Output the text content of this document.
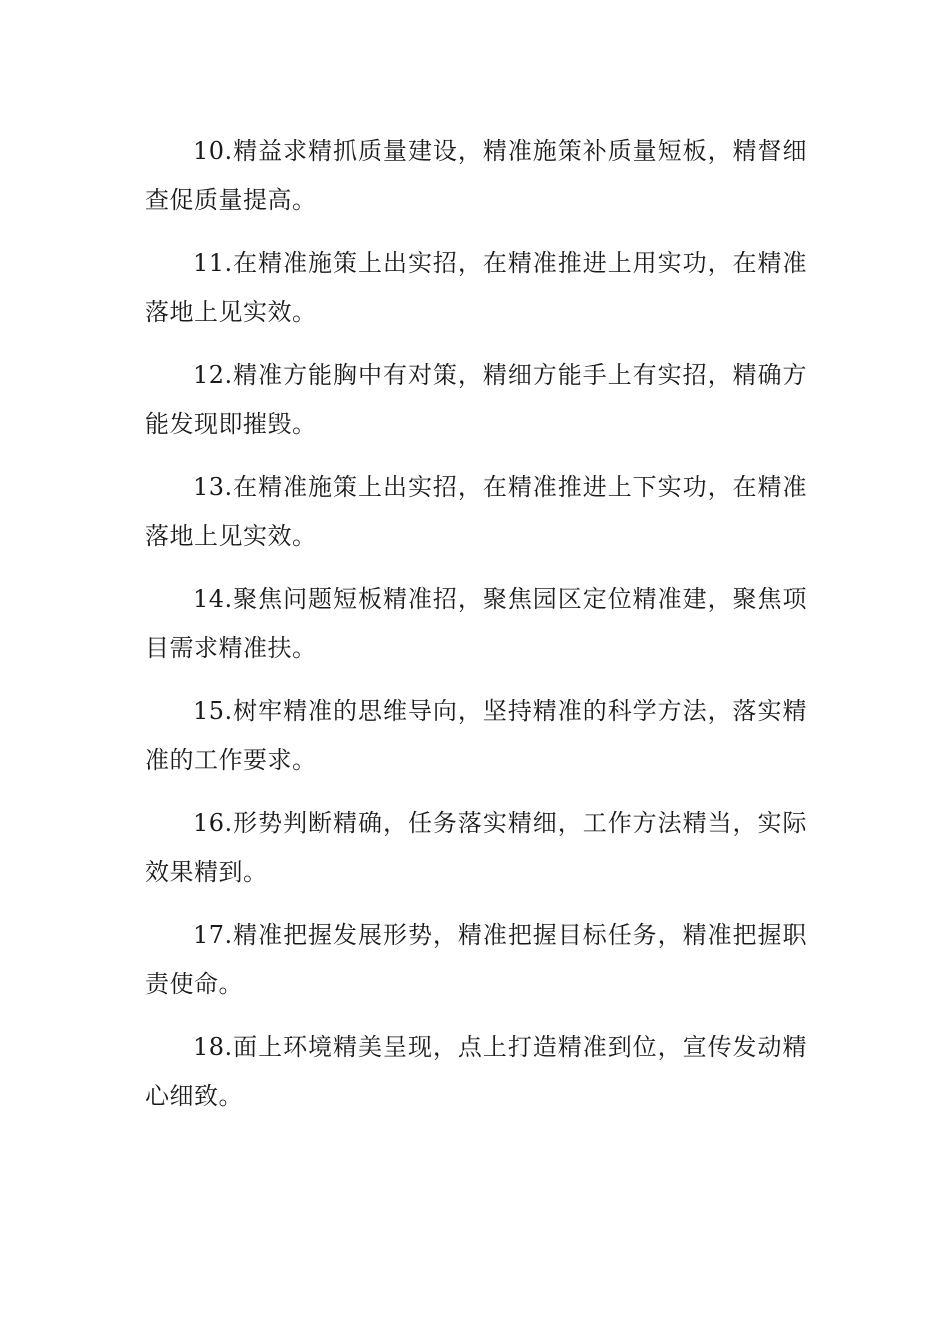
10.精益求精抓质量建设，精准施策补质量短板，精督细查促质量提高。

11.在精准施策上出实招，在精准推进上用实功，在精准落地上见实效。

12.精准方能胸中有对策，精细方能手上有实招，精确方能发现即摧毁。

13.在精准施策上出实招，在精准推进上下实功，在精准落地上见实效。

14.聚焦问题短板精准招，聚焦园区定位精准建，聚焦项目需求精准扶。

15.树牢精准的思维导向，坚持精准的科学方法，落实精准的工作要求。

16.形势判断精确，任务落实精细，工作方法精当，实际效果精到。

17.精准把握发展形势，精准把握目标任务，精准把握职责使命。

18.面上环境精美呈现，点上打造精准到位，宣传发动精心细致。
